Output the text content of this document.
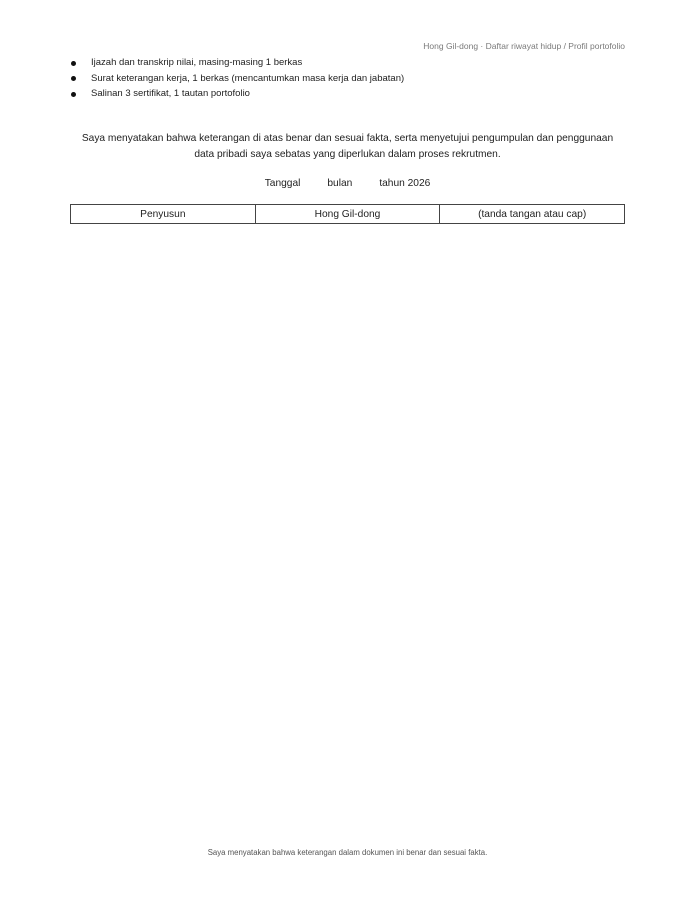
Hong Gil-dong · Daftar riwayat hidup / Profil portofolio
Ijazah dan transkrip nilai, masing-masing 1 berkas
Surat keterangan kerja, 1 berkas (mencantumkan masa kerja dan jabatan)
Salinan 3 sertifikat, 1 tautan portofolio
Saya menyatakan bahwa keterangan di atas benar dan sesuai fakta, serta menyetujui pengumpulan dan penggunaan
data pribadi saya sebatas yang diperlukan dalam proses rekrutmen.
Tanggal	bulan	tahun 2026
Penyusun	Hong Gil-dong	(tanda tangan atau cap)
Saya menyatakan bahwa keterangan dalam dokumen ini benar dan sesuai fakta.
